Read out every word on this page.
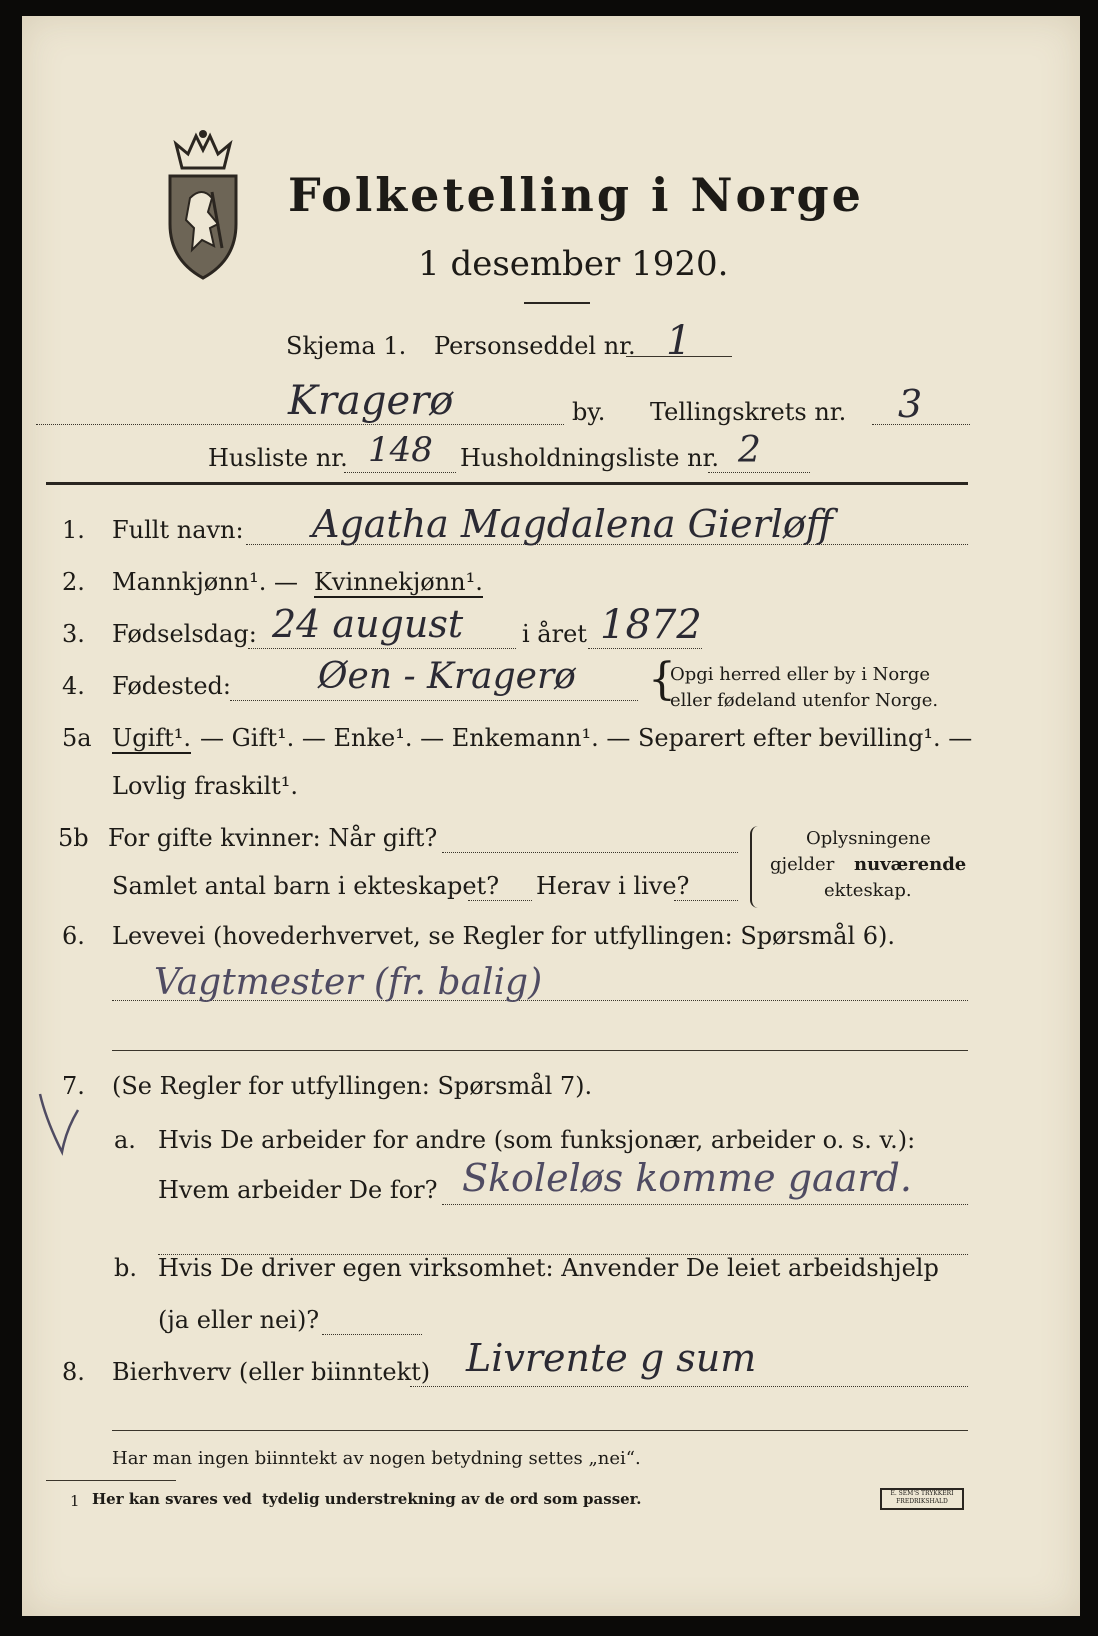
Folketelling i Norge
1 desember 1920.
Skjema 1. Personseddel nr. 1
Kragerø	by. Tellingskrets nr. 3
Husliste nr. 148 Husholdningsliste nr. 2
1. Fullt navn: Agatha Magdalena Gierløff
2. Mannkjønn¹. — Kvinnekjønn¹.
3. Fødselsdag: 24 august i året 1872
4. Fødested: Øen - Kragerø {
Opgi herred eller by i Norge
eller fødeland utenfor Norge.
5a Ugift¹. — Gift¹. — Enke¹. — Enkemann¹. — Separert efter bevilling¹. —
Lovlig fraskilt¹.
5b For gifte kvinner: Når gift?
Samlet antal barn i ekteskapet? Herav i live?
Oplysningene
gjelder nuværende
ekteskap.
6. Levevei (hovederhvervet, se Regler for utfyllingen: Spørsmål 6).
Vagtmester (fr. balig)
7. (Se Regler for utfyllingen: Spørsmål 7).
a. Hvis De arbeider for andre (som funksjonær, arbeider o. s. v.):
Hvem arbeider De for? Skoleløs komme gaard.
b. Hvis De driver egen virksomhet: Anvender De leiet arbeidshjelp
(ja eller nei)?
8. Bierhverv (eller biinntekt) Livrente g sum
Har man ingen biinntekt av nogen betydning settes „nei“.
1 Her kan svares ved tydelig understrekning av de ord som passer.	E. SEM'S TRYKKERI FREDRIKSHALD
